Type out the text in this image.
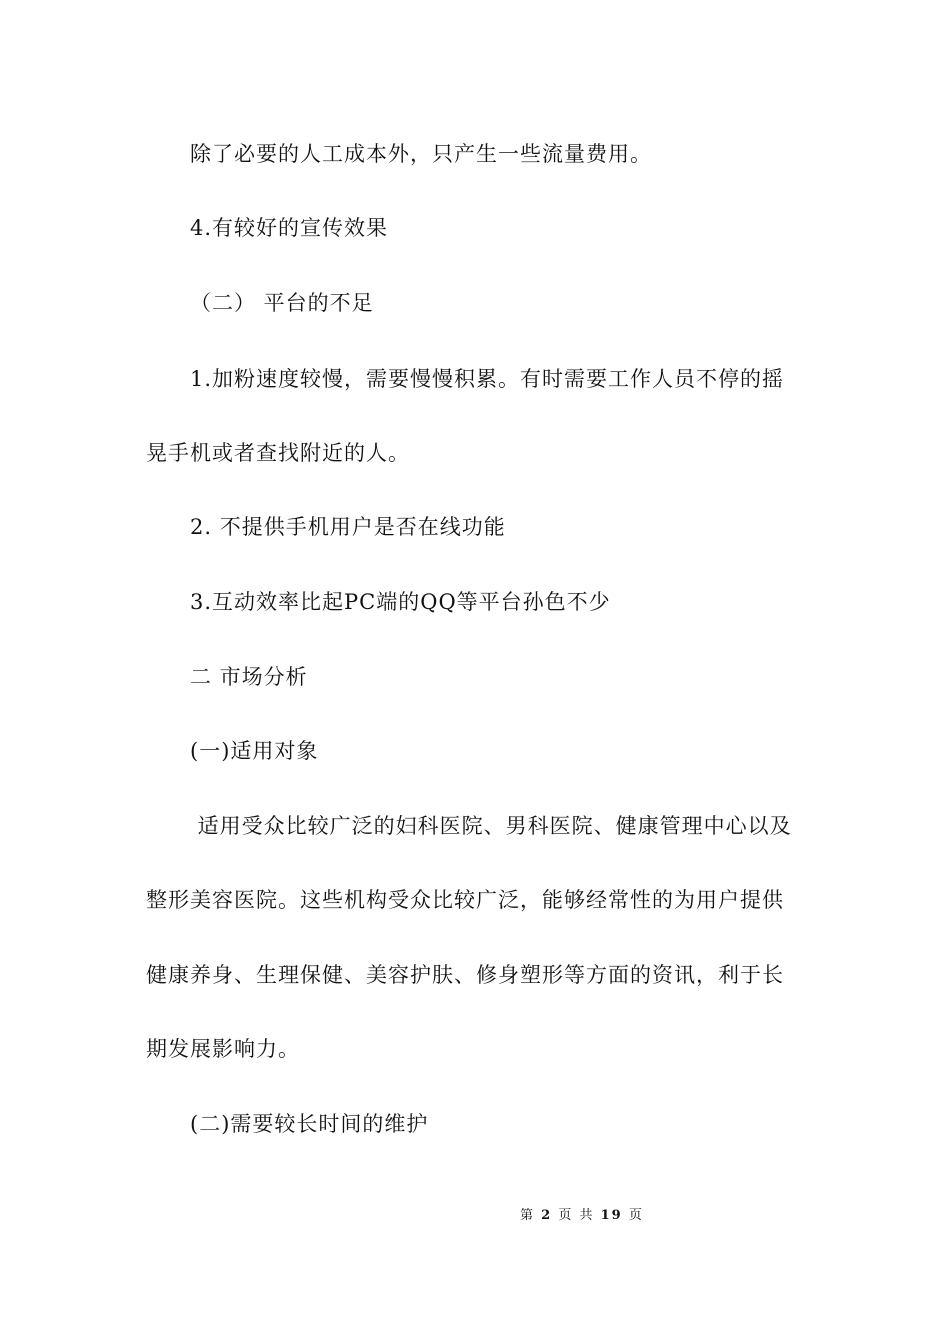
除了必要的人工成本外，只产生一些流量费用。
4.有较好的宣传效果
（二） 平台的不足
1.加粉速度较慢，需要慢慢积累。有时需要工作人员不停的摇
晃手机或者查找附近的人。
2. 不提供手机用户是否在线功能
3.互动效率比起PC端的QQ等平台孙色不少
二 市场分析
(一)适用对象
适用受众比较广泛的妇科医院、男科医院、健康管理中心以及
整形美容医院。这些机构受众比较广泛，能够经常性的为用户提供
健康养身、生理保健、美容护肤、修身塑形等方面的资讯，利于长
期发展影响力。
(二)需要较长时间的维护
第 2 页 共 19 页
